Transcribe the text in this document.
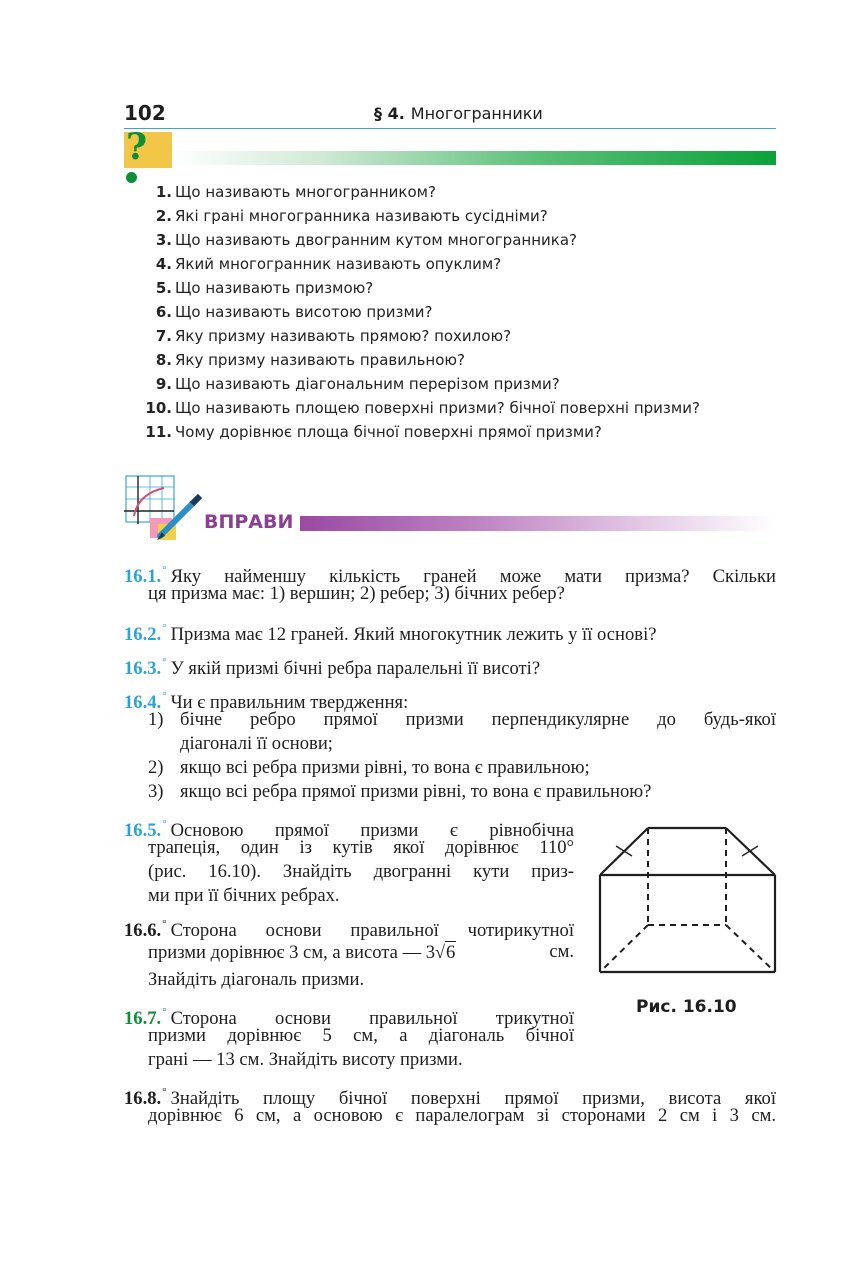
102	§ 4. Многогранники
?
1. Що називають многогранником?
2. Які грані многогранника називають сусідніми?
3. Що називають двогранним кутом многогранника?
4. Який многогранник називають опуклим?
5. Що називають призмою?
6. Що називають висотою призми?
7. Яку призму називають прямою? похилою?
8. Яку призму називають правильною?
9. Що називають діагональним перерізом призми?
10. Що називають площею поверхні призми? бічної поверхні призми?
11. Чому дорівнює площа бічної поверхні прямої призми?
ВПРАВИ
16.1.° Яку найменшу кількість граней може мати призма? Скільки
ця призма має: 1) вершин; 2) ребер; 3) бічних ребер?
16.2.° Призма має 12 граней. Який многокутник лежить у її основі?
16.3.° У якій призмі бічні ребра паралельні її висоті?
16.4.° Чи є правильним твердження:
1) бічне ребро прямої призми перпендикулярне до будь-якої
діагоналі її основи;
2) якщо всі ребра призми рівні, то вона є правильною;
3) якщо всі ребра прямої призми рівні, то вона є правильною?
16.5.° Основою прямої призми є рівнобічна
трапеція, один із кутів якої дорівнює 110°
(рис. 16.10). Знайдіть двогранні кути приз-
ми при її бічних ребрах.
16.6.° Сторона основи правильної чотирикутної
призми дорівнює 3 см, а висота — 3√6	см.
Знайдіть діагональ призми.
16.7.° Сторона основи правильної трикутної
призми дорівнює 5 см, а діагональ бічної
грані — 13 см. Знайдіть висоту призми.
16.8.° Знайдіть площу бічної поверхні прямої призми, висота якої
дорівнює 6 см, а основою є паралелограм зі сторонами 2 см і 3 см.
Рис. 16.10
